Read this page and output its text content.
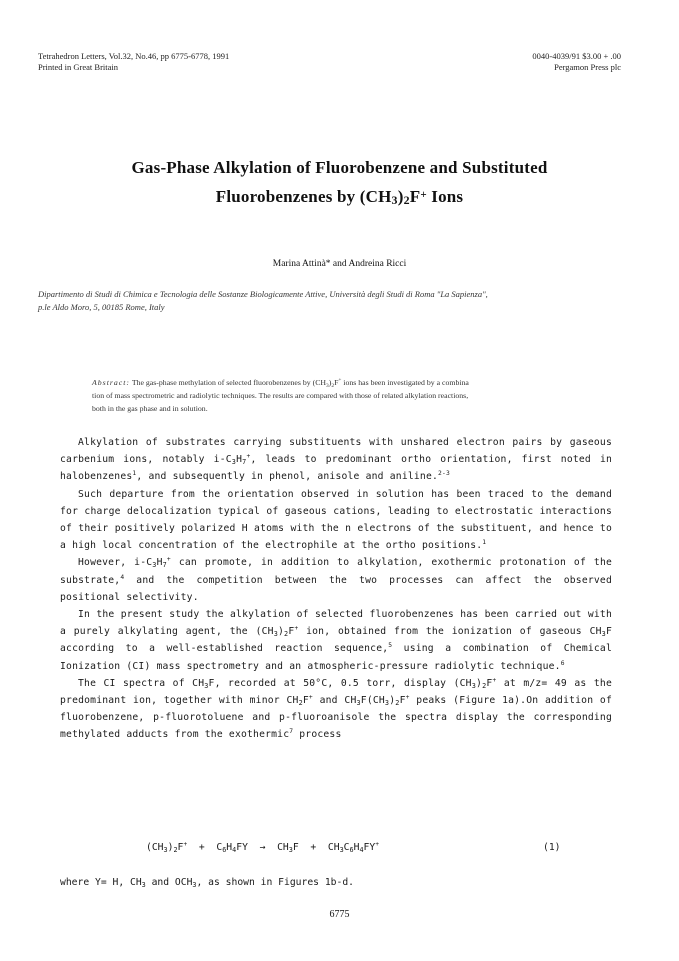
Tetrahedron Letters, Vol.32, No.46, pp 6775-6778, 1991
Printed in Great Britain
0040-4039/91 $3.00 + .00
Pergamon Press plc
Gas-Phase Alkylation of Fluorobenzene and Substituted
Fluorobenzenes by $(CH_3)_2F^+$ Ions
Marina Attinà* and Andreina Ricci
Dipartimento di Studi di Chimica e Tecnologia delle Sostanze Biologicamente Attive, Università degli Studi di Roma "La Sapienza",
p.le Aldo Moro, 5, 00185 Rome, Italy
Abstract: The gas-phase methylation of selected fluorobenzenes by $(CH_3)_2F^+$ ions has been investigated by a combina
tion of mass spectrometric and radiolytic techniques. The results are compared with those of related alkylation reactions,
both in the gas phase and in solution.

Alkylation of substrates carrying substituents with unshared electron pairs by gaseous carbenium ions, notably $i-C_3H_7^+$, leads to predominant ortho orientation, first noted in halobenzenes$^1$, and subsequently in phenol, anisole and aniline.$^{2-3}$

Such departure from the orientation observed in solution has been traced to the demand for charge delocalization typical of gaseous cations, leading to electrostatic interactions of their positively polarized H atoms with the n electrons of the substituent, and hence to a high local concentration of the electrophile at the ortho positions.$^1$

However, $i-C_3H_7^+$ can promote, in addition to alkylation, exothermic protonation of the substrate,$^4$ and the competition between the two processes can affect the observed positional selectivity.

In the present study the alkylation of selected fluorobenzenes has been carried out with a purely alkylating agent, the $(CH_3)_2F^+$ ion, obtained from the ionization of gaseous $CH_3F$ according to a well-established reaction sequence,$^5$ using a combination of Chemical Ionization (CI) mass spectrometry and an atmospheric-pressure radiolytic technique.$^6$

The CI spectra of $CH_3F$, recorded at 50°C, 0.5 torr, display $(CH_3)_2F^+$ at m/z= 49 as the predominant ion, together with minor $CH_2F^+$ and $CH_3F(CH_3)_2F^+$ peaks (Figure 1a).On addition of fluorobenzene, p-fluorotoluene and p-fluoroanisole the spectra display the corresponding methylated adducts from the exothermic$^7$ process

$(CH_3)_2F^+ + C_6H_4FY \to CH_3F + CH_3C_6H_4FY^+$	(1)
where Y= H, $CH_3$ and $OCH_3$, as shown in Figures 1b-d.
6775
